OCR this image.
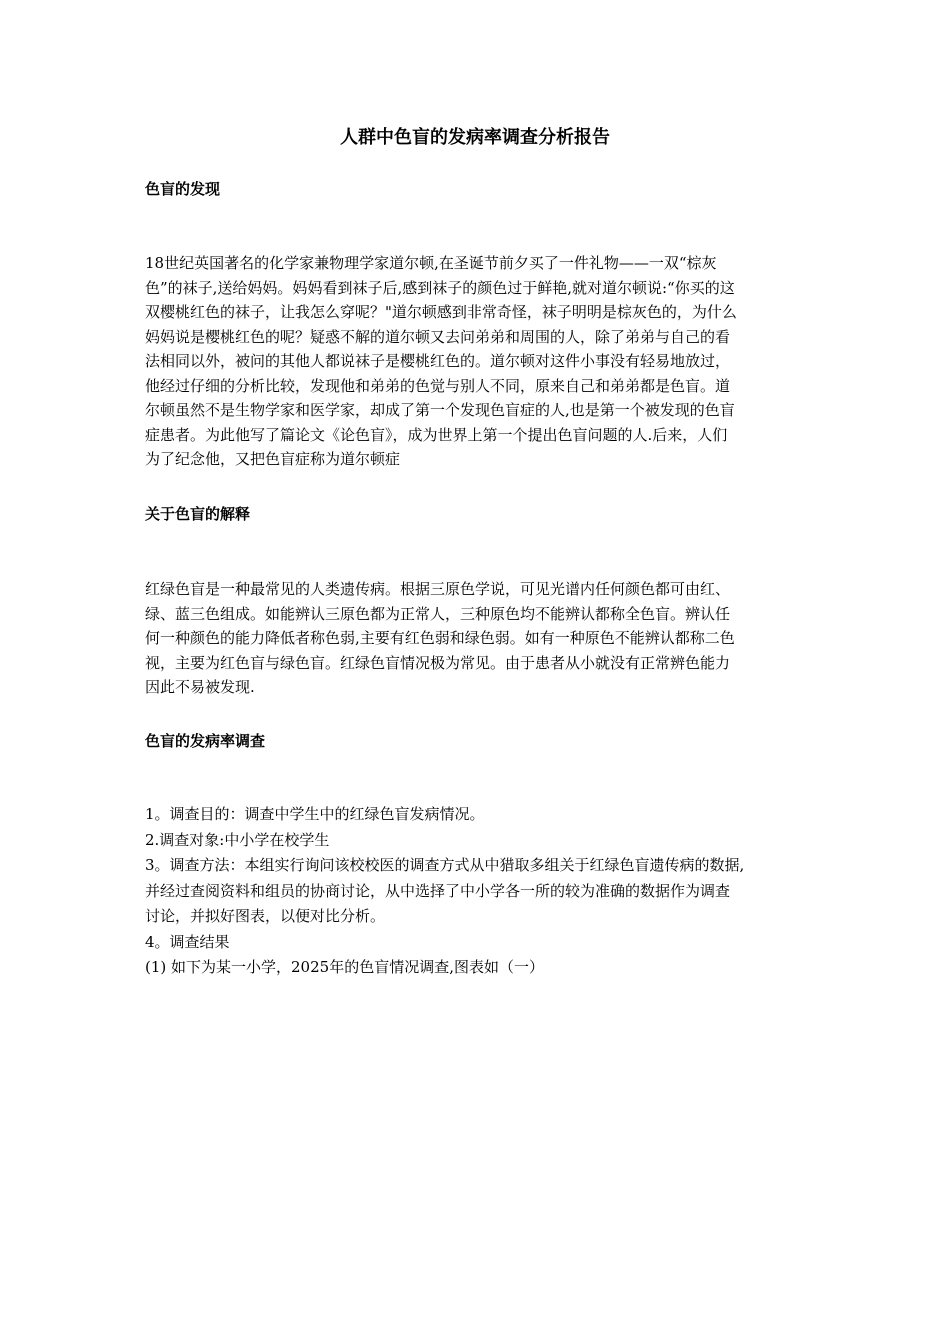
人群中色盲的发病率调查分析报告
色盲的发现
18世纪英国著名的化学家兼物理学家道尔顿,在圣诞节前夕买了一件礼物——一双“棕灰
色”的袜子,送给妈妈。妈妈看到袜子后,感到袜子的颜色过于鲜艳,就对道尔顿说:“你买的这
双樱桃红色的袜子，让我怎么穿呢？"道尔顿感到非常奇怪，袜子明明是棕灰色的，为什么
妈妈说是樱桃红色的呢？疑惑不解的道尔顿又去问弟弟和周围的人，除了弟弟与自己的看
法相同以外，被问的其他人都说袜子是樱桃红色的。道尔顿对这件小事没有轻易地放过，
他经过仔细的分析比较，发现他和弟弟的色觉与别人不同，原来自己和弟弟都是色盲。道
尔顿虽然不是生物学家和医学家，却成了第一个发现色盲症的人,也是第一个被发现的色盲
症患者。为此他写了篇论文《论色盲》，成为世界上第一个提出色盲问题的人.后来，人们
为了纪念他，又把色盲症称为道尔顿症
关于色盲的解释
红绿色盲是一种最常见的人类遗传病。根据三原色学说，可见光谱内任何颜色都可由红、
绿、蓝三色组成。如能辨认三原色都为正常人，三种原色均不能辨认都称全色盲。辨认任
何一种颜色的能力降低者称色弱,主要有红色弱和绿色弱。如有一种原色不能辨认都称二色
视，主要为红色盲与绿色盲。红绿色盲情况极为常见。由于患者从小就没有正常辨色能力
因此不易被发现.
色盲的发病率调查
1。调查目的：调查中学生中的红绿色盲发病情况。
2.调查对象:中小学在校学生
3。调查方法：本组实行询问该校校医的调查方式从中猎取多组关于红绿色盲遗传病的数据,
并经过查阅资料和组员的协商讨论，从中选择了中小学各一所的较为准确的数据作为调查
讨论，并拟好图表，以便对比分析。
4。调查结果
(1) 如下为某一小学，2025年的色盲情况调查,图表如（一）
